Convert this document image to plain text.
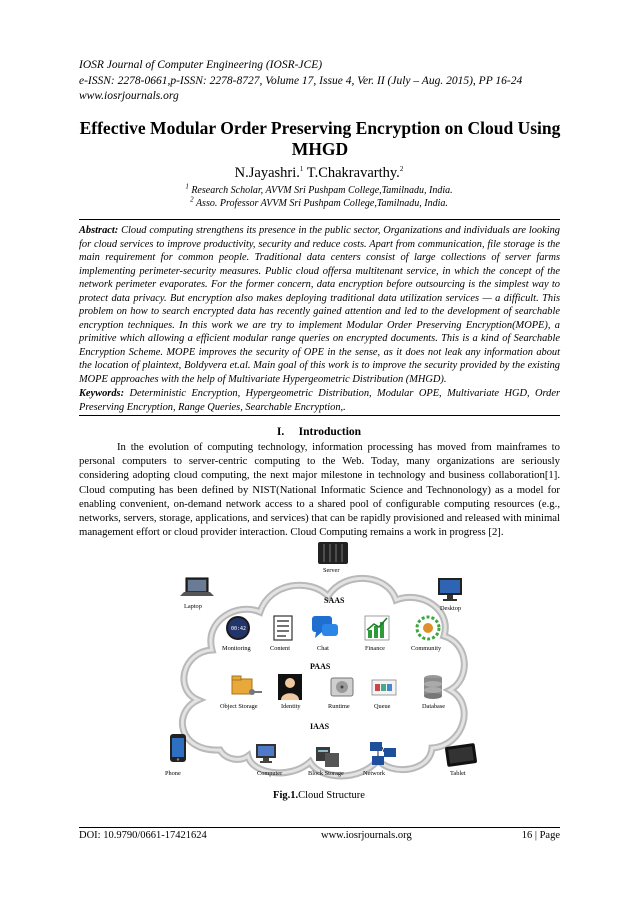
IOSR Journal of Computer Engineering (IOSR-JCE)
e-ISSN: 2278-0661,p-ISSN: 2278-8727, Volume 17, Issue 4, Ver. II (July – Aug. 2015), PP 16-24
www.iosrjournals.org
Effective Modular Order Preserving Encryption on Cloud Using MHGD
N.Jayashri.$^1$ T.Chakravarthy.$^2$
$^1$ Research Scholar, AVVM Sri Pushpam College,Tamilnadu, India.
$^2$ Asso. Professor AVVM Sri Pushpam College,Tamilnadu, India.
Abstract: Cloud computing strengthens its presence in the public sector, Organizations and individuals are looking for cloud services to improve productivity, security and reduce costs. Apart from communication, file storage is the main requirement for common people. Traditional data centers consist of large collections of server farms implementing perimeter-security measures. Public cloud offersa multitenant service, in which the concept of the network perimeter evaporates. For the former concern, data encryption before outsourcing is the simplest way to protect data privacy. But encryption also makes deploying traditional data utilization services — a difficult. This problem on how to search encrypted data has recently gained attention and led to the development of searchable encryption techniques. In this work we are try to implement Modular Order Preserving Encryption(MOPE), a primitive which allowing a efficient modular range queries on encrypted documents. This is a kind of Searchable Encryption Scheme. MOPE improves the security of OPE in the sense, as it does not leak any information about the location of plaintext, Boldyvera et.al. Main goal of this work is to improve the security provided by the existing MOPE approaches with the help of Multivariate Hypergeometric Distribution (MHGD).
Keywords: Deterministic Encryption, Hypergeometric Distribution, Modular OPE, Multivariate HGD, Order Preserving Encryption, Range Queries, Searchable Encryption,.
I. Introduction
In the evolution of computing technology, information processing has moved from mainframes to personal computers to server-centric computing to the Web. Today, many organizations are seriously considering adopting cloud computing, the next major milestone in technology and business collaboration[1]. Cloud computing has been defined by NIST(National Informatic Science and Technonology) as a model for enabling convenient, on-demand network access to a shared pool of configurable computing resources (e.g., networks, servers, storage, applications, and services) that can be rapidly provisioned and released with minimal management effort or cloud provider interaction. Cloud Computing remains a work in progress [2].
Server
Laptop	Desktop
SAAS
00:42
Monitoring	Content	Chat	Finance	Community
PAAS
Object Storage	Identity	Runtime	Queue	Database
IAAS
Computer	Block Storage	Network
Phone	Tablet
Fig.1.Cloud Structure
DOI: 10.9790/0661-17421624	www.iosrjournals.org	16 | Page
